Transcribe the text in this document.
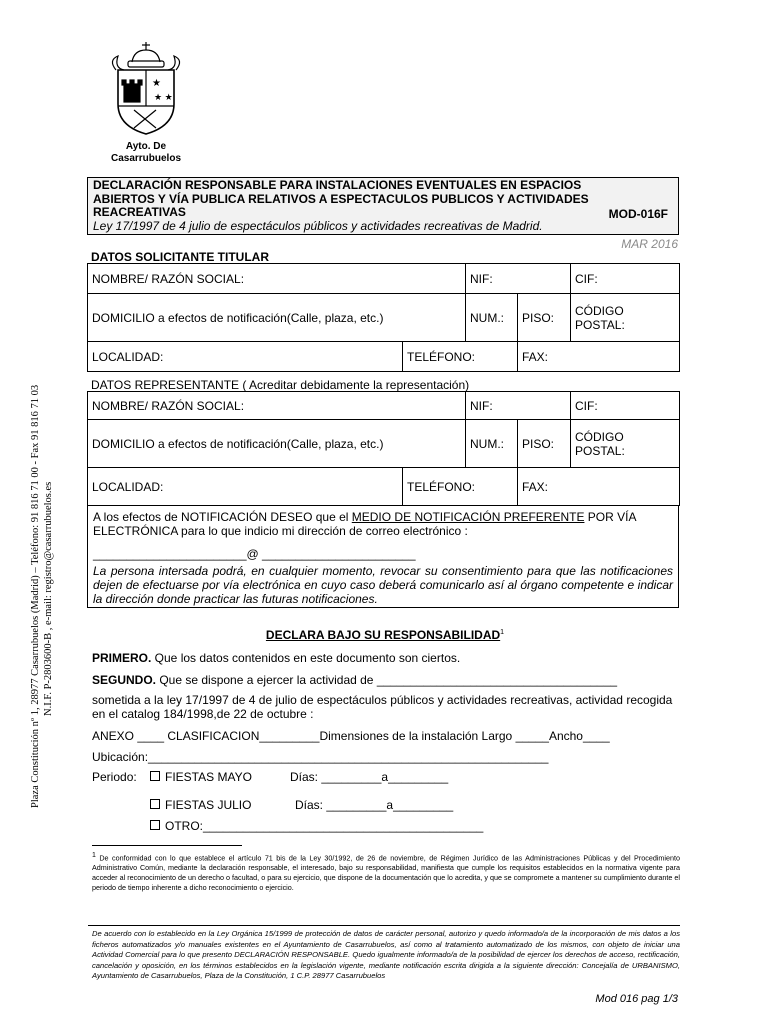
★
★ ★
Ayto. De Casarrubuelos
DECLARACIÓN RESPONSABLE PARA INSTALACIONES EVENTUALES EN ESPACIOS
ABIERTOS Y VÍA PUBLICA RELATIVOS A ESPECTACULOS PUBLICOS Y ACTIVIDADES
REACREATIVAS	MOD-016F
Ley 17/1997 de 4 julio de espectáculos públicos y actividades recreativas de Madrid.
MAR 2016
Plaza Constitución nº 1, 28977 Casarrubuelos (Madrid) – Teléfono: 91 816 71 00 - Fax 91 816 71 03 N.I.F. P-2803600-B , e-mail: registro@casarrubuelos.es
DATOS SOLICITANTE TITULAR
NOMBRE/ RAZÓN SOCIAL:		NIF:		CIF:
DOMICILIO a efectos de notificación(Calle, plaza, etc.)		NUM.:	PISO:	CÓDIGO POSTAL:
LOCALIDAD:	TELÉFONO:		FAX:	
DATOS REPRESENTANTE ( Acreditar debidamente la representación)
NOMBRE/ RAZÓN SOCIAL:		NIF:		CIF:
DOMICILIO a efectos de notificación(Calle, plaza, etc.)		NUM.:	PISO:	CÓDIGO POSTAL:
LOCALIDAD:	TELÉFONO:		FAX:	
A los efectos de NOTIFICACIÓN DESEO que el MEDIO DE NOTIFICACIÓN PREFERENTE POR VÍA ELECTRÓNICA para lo que indicio mi dirección de correo electrónico :
_______________________@ _______________________
La persona intersada podrá, en cualquier momento, revocar su consentimiento para que las notificaciones dejen de efectuarse por vía electrónica en cuyo caso deberá comunicarlo así al órgano competente e indicar la dirección donde practicar las futuras notificaciones.
DECLARA BAJO SU RESPONSABILIDAD$^1$
PRIMERO. Que los datos contenidos en este documento son ciertos.
SEGUNDO. Que se dispone a ejercer la actividad de ____________________________________
sometida a la ley 17/1997 de 4 de julio de espectáculos públicos y actividades recreativas, actividad recogida en el catalog 184/1998,de 22 de octubre :
ANEXO ____ CLASIFICACION_________Dimensiones de la instalación Largo _____Ancho____
Ubicación:____________________________________________________________
Periodo:	FIESTAS MAYO	Días: _________a_________
FIESTAS JULIO	Días: _________a_________
OTRO:__________________________________________
$^1$ De conformidad con lo que establece el artículo 71 bis de la Ley 30/1992, de 26 de noviembre, de Régimen Jurídico de las Administraciones Públicas y del Procedimiento Administrativo Común, mediante la declaración responsable, el interesado, bajo su responsabilidad, manifiesta que cumple los requisitos establecidos en la normativa vigente para acceder al reconocimiento de un derecho o facultad, o para su ejercicio, que dispone de la documentación que lo acredita, y que se compromete a mantener su cumplimiento durante el periodo de tiempo inherente a dicho reconocimiento o ejercicio.
De acuerdo con lo establecido en la Ley Orgánica 15/1999 de protección de datos de carácter personal, autorizo y quedo informado/a de la incorporación de mis datos a los ficheros automatizados y/o manuales existentes en el Ayuntamiento de Casarrubuelos, así como al tratamiento automatizado de los mismos, con objeto de iniciar una Actividad Comercial para lo que presento DECLARACIÓN RESPONSABLE. Quedo igualmente informado/a de la posibilidad de ejercer los derechos de acceso, rectificación, cancelación y oposición, en los términos establecidos en la legislación vigente, mediante notificación escrita dirigida a la siguiente dirección: Concejalía de URBANISMO, Ayuntamiento de Casarrubuelos, Plaza de la Constitución, 1 C.P. 28977 Casarrubuelos
Mod 016 pag 1/3
